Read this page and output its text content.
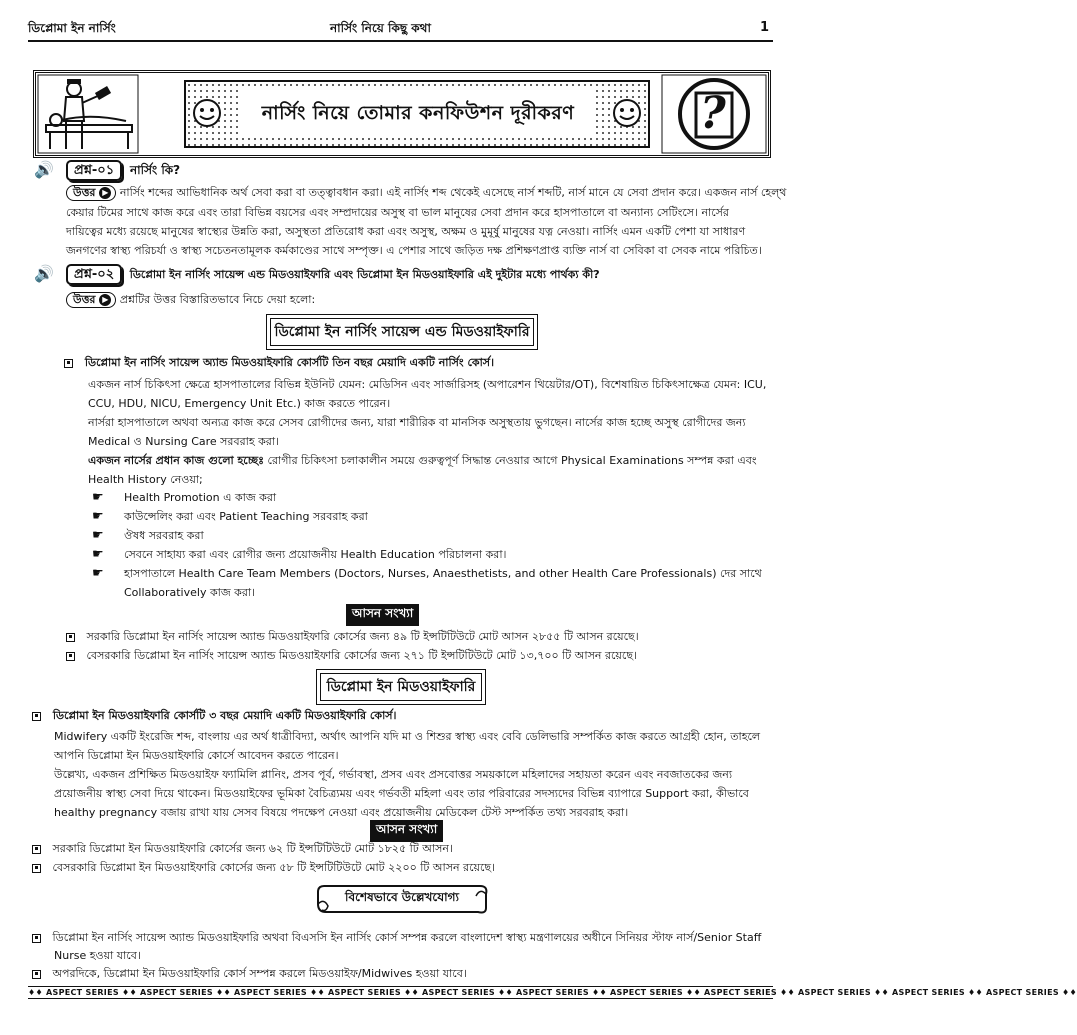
ডিপ্লোমা ইন নার্সিং	নার্সিং নিয়ে কিছু কথা	1
নার্সিং নিয়ে তোমার কনফিউশন দূরীকরণ	?
🔊	প্রশ্ন-০১ নার্সিং কি?
উত্তর ▶ নার্সিং শব্দের আভিধানিক অর্থ সেবা করা বা তত্ত্বাবধান করা। এই নার্সিং শব্দ থেকেই এসেছে নার্স শব্দটি, নার্স মানে যে সেবা প্রদান করে। একজন নার্স হেল্থ
কেয়ার টিমের সাথে কাজ করে এবং তারা বিভিন্ন বয়সের এবং সম্প্রদায়ের অসুস্থ বা ভাল মানুষের সেবা প্রদান করে হাসপাতালে বা অন্যান্য সেটিংসে। নার্সের
দায়িত্বের মধ্যে রয়েছে মানুষের স্বাস্থ্যের উন্নতি করা, অসুস্থতা প্রতিরোধ করা এবং অসুস্থ, অক্ষম ও মুমূর্ষু মানুষের যত্ন নেওয়া। নার্সিং এমন একটি পেশা যা সাধারণ
জনগণের স্বাস্থ্য পরিচর্যা ও স্বাস্থ্য সচেতনতামূলক কর্মকাণ্ডের সাথে সম্পৃক্ত। এ পেশার সাথে জড়িত দক্ষ প্রশিক্ষণপ্রাপ্ত ব্যক্তি নার্স বা সেবিকা বা সেবক নামে পরিচিত।
🔊	প্রশ্ন-০২ ডিপ্লোমা ইন নার্সিং সায়েন্স এন্ড মিডওয়াইফারি এবং ডিপ্লোমা ইন মিডওয়াইফারি এই দুইটার মধ্যে পার্থক্য কী?
উত্তর ▶ প্রশ্নটির উত্তর বিস্তারিতভাবে নিচে দেয়া হলো:
ডিপ্লোমা ইন নার্সিং সায়েন্স এন্ড মিডওয়াইফারি
ডিপ্লোমা ইন নার্সিং সায়েন্স অ্যান্ড মিডওয়াইফারি কোর্সটি তিন বছর মেয়াদি একটি নার্সিং কোর্স।
একজন নার্স চিকিৎসা ক্ষেত্রে হাসপাতালের বিভিন্ন ইউনিট যেমন: মেডিসিন এবং সার্জারিসহ (অপারেশন থিয়েটার/OT), বিশেষায়িত চিকিৎসাক্ষেত্র যেমন: ICU,
CCU, HDU, NICU, Emergency Unit Etc.) কাজ করতে পারেন।
নার্সরা হাসপাতালে অথবা অন্যত্র কাজ করে সেসব রোগীদের জন্য, যারা শারীরিক বা মানসিক অসুস্থতায় ভুগছেন। নার্সের কাজ হচ্ছে অসুস্থ রোগীদের জন্য
Medical ও Nursing Care সরবরাহ করা।
একজন নার্সের প্রধান কাজ গুলো হচ্ছেঃ রোগীর চিকিৎসা চলাকালীন সময়ে গুরুত্বপূর্ণ সিদ্ধান্ত নেওয়ার আগে Physical Examinations সম্পন্ন করা এবং
Health History নেওয়া;
☛ Health Promotion এ কাজ করা
☛ কাউন্সেলিং করা এবং Patient Teaching সরবরাহ করা
☛ ঔষধ সরবরাহ করা
☛ সেবনে সাহায্য করা এবং রোগীর জন্য প্রয়োজনীয় Health Education পরিচালনা করা।
☛ হাসপাতালে Health Care Team Members (Doctors, Nurses, Anaesthetists, and other Health Care Professionals) দের সাথে
Collaboratively কাজ করা।
আসন সংখ্যা
সরকারি ডিপ্লোমা ইন নার্সিং সায়েন্স অ্যান্ড মিডওয়াইফারি কোর্সের জন্য ৪৯ টি ইন্সটিটিউটে মোট আসন ২৮৫৫ টি আসন রয়েছে।
বেসরকারি ডিপ্লোমা ইন নার্সিং সায়েন্স অ্যান্ড মিডওয়াইফারি কোর্সের জন্য ২৭১ টি ইন্সটিটিউটে মোট ১৩,৭০০ টি আসন রয়েছে।
ডিপ্লোমা ইন মিডওয়াইফারি
ডিপ্লোমা ইন মিডওয়াইফারি কোর্সটি ৩ বছর মেয়াদি একটি মিডওয়াইফারি কোর্স।
Midwifery একটি ইংরেজি শব্দ, বাংলায় এর অর্থ ধাত্রীবিদ্যা, অর্থাৎ আপনি যদি মা ও শিশুর স্বাস্থ্য এবং বেবি ডেলিভারি সম্পর্কিত কাজ করতে আগ্রহী হোন, তাহলে
আপনি ডিপ্লোমা ইন মিডওয়াইফারি কোর্সে আবেদন করতে পারেন।
উল্লেখ্য, একজন প্রশিক্ষিত মিডওয়াইফ ফ্যামিলি প্লানিং, প্রসব পূর্ব, গর্ভাবস্থা, প্রসব এবং প্রসবোত্তর সময়কালে মহিলাদের সহায়তা করেন এবং নবজাতকের জন্য
প্রয়োজনীয় স্বাস্থ্য সেবা দিয়ে থাকেন। মিডওয়াইফের ভূমিকা বৈচিত্র্যময় এবং গর্ভবতী মহিলা এবং তার পরিবারের সদস্যদের বিভিন্ন ব্যাপারে Support করা, কীভাবে
healthy pregnancy বজায় রাখা যায় সেসব বিষয়ে পদক্ষেপ নেওয়া এবং প্রয়োজনীয় মেডিকেল টেস্ট সম্পর্কিত তথ্য সরবরাহ করা।
আসন সংখ্যা
সরকারি ডিপ্লোমা ইন মিডওয়াইফারি কোর্সের জন্য ৬২ টি ইন্সটিটিউটে মোট ১৮২৫ টি আসন।
বেসরকারি ডিপ্লোমা ইন মিডওয়াইফারি কোর্সের জন্য ৫৮ টি ইন্সটিটিউটে মোট ২২০০ টি আসন রয়েছে।
বিশেষভাবে উল্লেখযোগ্য
ডিপ্লোমা ইন নার্সিং সায়েন্স অ্যান্ড মিডওয়াইফারি অথবা বিএসসি ইন নার্সিং কোর্স সম্পন্ন করলে বাংলাদেশ স্বাস্থ্য মন্ত্রণালয়ের অধীনে সিনিয়র স্টাফ নার্স/Senior Staff
Nurse হওয়া যাবে।
অপরদিকে, ডিপ্লোমা ইন মিডওয়াইফারি কোর্স সম্পন্ন করলে মিডওয়াইফ/Midwives হওয়া যাবে।
♦♦ ASPECT SERIES ♦♦ ASPECT SERIES ♦♦ ASPECT SERIES ♦♦ ASPECT SERIES ♦♦ ASPECT SERIES ♦♦ ASPECT SERIES ♦♦ ASPECT SERIES ♦♦ ASPECT SERIES ♦♦ ASPECT SERIES ♦♦ ASPECT SERIES ♦♦ ASPECT SERIES ♦♦
